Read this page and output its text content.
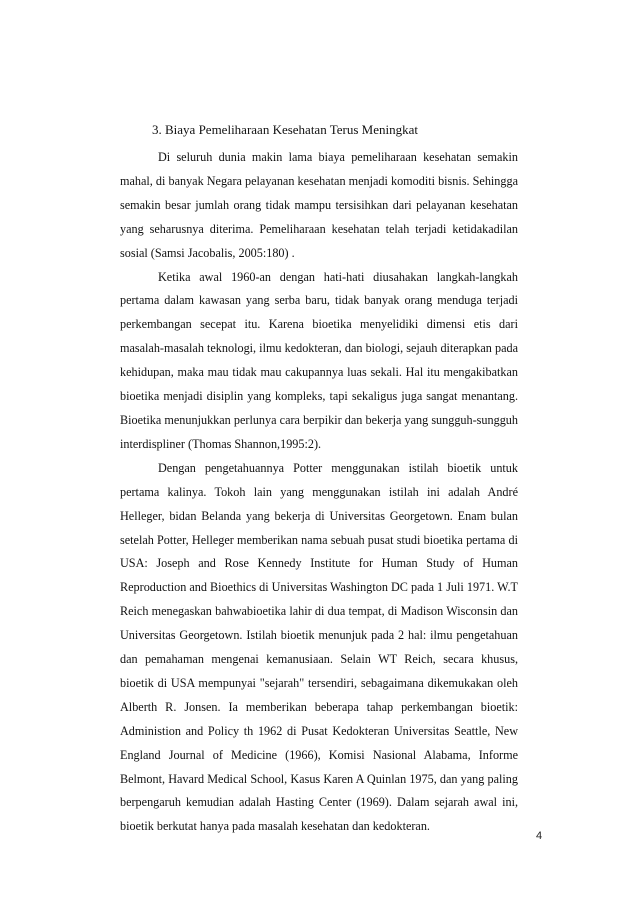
3. Biaya Pemeliharaan Kesehatan Terus Meningkat

Di seluruh dunia makin lama biaya pemeliharaan kesehatan semakin mahal, di banyak Negara pelayanan kesehatan menjadi komoditi bisnis. Sehingga semakin besar jumlah orang tidak mampu tersisihkan dari pelayanan kesehatan yang seharusnya diterima. Pemeliharaan kesehatan telah terjadi ketidakadilan sosial (Samsi Jacobalis, 2005:180) .

Ketika awal 1960-an dengan hati-hati diusahakan langkah-langkah pertama dalam kawasan yang serba baru, tidak banyak orang menduga terjadi perkembangan secepat itu. Karena bioetika menyelidiki dimensi etis dari masalah-masalah teknologi, ilmu kedokteran, dan biologi, sejauh diterapkan pada kehidupan, maka mau tidak mau cakupannya luas sekali. Hal itu mengakibatkan bioetika menjadi disiplin yang kompleks, tapi sekaligus juga sangat menantang. Bioetika menunjukkan perlunya cara berpikir dan bekerja yang sungguh-sungguh interdispliner (Thomas Shannon,1995:2).

Dengan pengetahuannya Potter menggunakan istilah bioetik untuk pertama kalinya. Tokoh lain yang menggunakan istilah ini adalah André Helleger, bidan Belanda yang bekerja di Universitas Georgetown. Enam bulan setelah Potter, Helleger memberikan nama sebuah pusat studi bioetika pertama di USA: Joseph and Rose Kennedy Institute for Human Study of Human Reproduction and Bioethics di Universitas Washington DC pada 1 Juli 1971. W.T Reich menegaskan bahwabioetika lahir di dua tempat, di Madison Wisconsin dan Universitas Georgetown. Istilah bioetik menunjuk pada 2 hal: ilmu pengetahuan dan pemahaman mengenai kemanusiaan. Selain WT Reich, secara khusus, bioetik di USA mempunyai "sejarah" tersendiri, sebagaimana dikemukakan oleh Alberth R. Jonsen. Ia memberikan beberapa tahap perkembangan bioetik: Administion and Policy th 1962 di Pusat Kedokteran Universitas Seattle, New England Journal of Medicine (1966), Komisi Nasional Alabama, Informe Belmont, Havard Medical School, Kasus Karen A Quinlan 1975, dan yang paling berpengaruh kemudian adalah Hasting Center (1969). Dalam sejarah awal ini, bioetik berkutat hanya pada masalah kesehatan dan kedokteran.

4
